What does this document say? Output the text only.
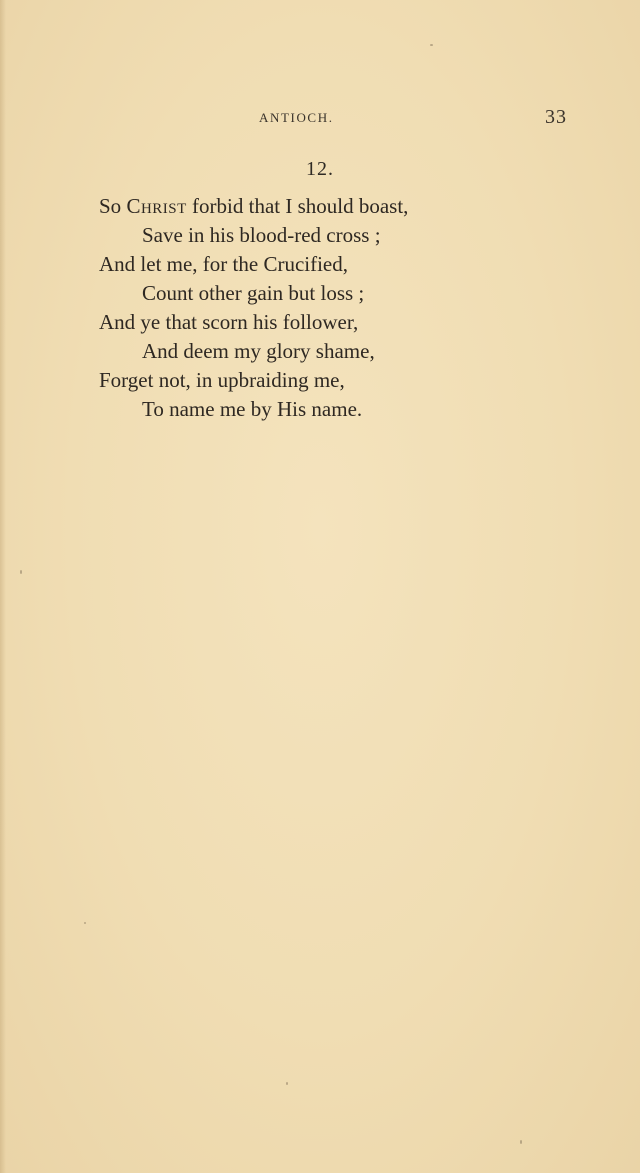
ANTIOCH.	33
12.
So Christ forbid that I should boast,
Save in his blood-red cross ;
And let me, for the Crucified,
Count other gain but loss ;
And ye that scorn his follower,
And deem my glory shame,
Forget not, in upbraiding me,
To name me by His name.
